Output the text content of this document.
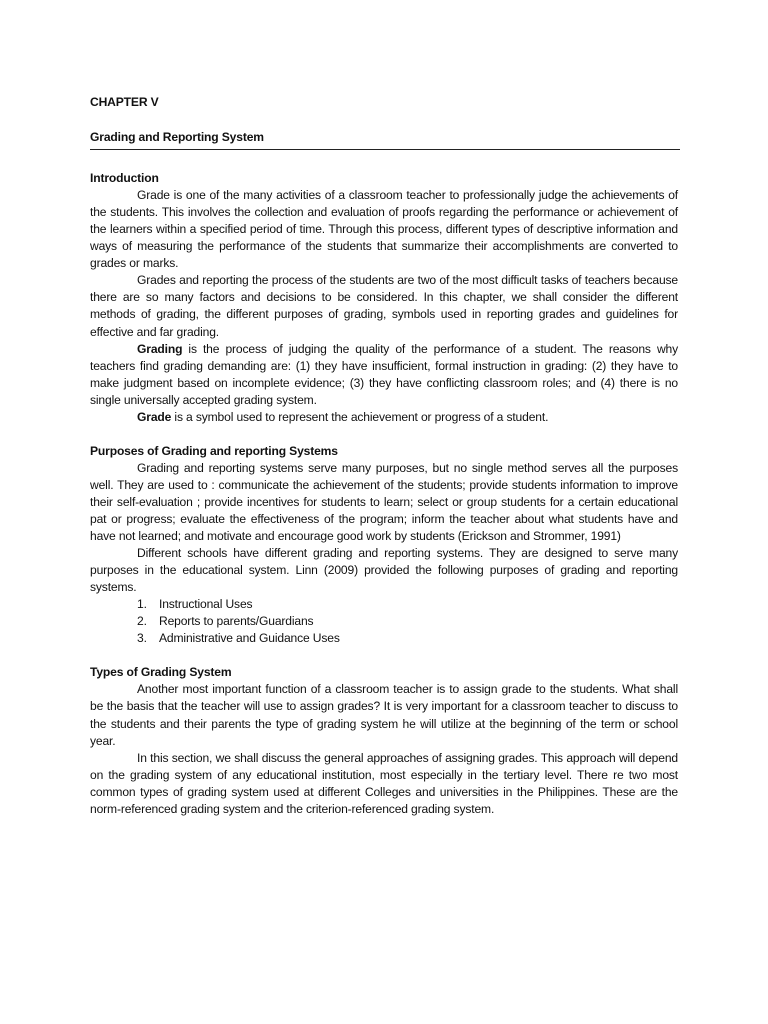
CHAPTER V
Grading and Reporting System
Introduction

Grade is one of the many activities of a classroom teacher to professionally judge the achievements of the students. This involves the collection and evaluation of proofs regarding the performance or achievement of the learners within a specified period of time. Through this process, different types of descriptive information and ways of measuring the performance of the students that summarize their accomplishments are converted to grades or marks.

Grades and reporting the process of the students are two of the most difficult tasks of teachers because there are so many factors and decisions to be considered. In this chapter, we shall consider the different methods of grading, the different purposes of grading, symbols used in reporting grades and guidelines for effective and far grading.

Grading is the process of judging the quality of the performance of a student. The reasons why teachers find grading demanding are: (1) they have insufficient, formal instruction in grading: (2) they have to make judgment based on incomplete evidence; (3) they have conflicting classroom roles; and (4) there is no single universally accepted grading system.

Grade is a symbol used to represent the achievement or progress of a student.

Purposes of Grading and reporting Systems

Grading and reporting systems serve many purposes, but no single method serves all the purposes well. They are used to : communicate the achievement of the students; provide students information to improve their self-evaluation ; provide incentives for students to learn; select or group students for a certain educational pat or progress; evaluate the effectiveness of the program; inform the teacher about what students have and have not learned; and motivate and encourage good work by students (Erickson and Strommer, 1991)

Different schools have different grading and reporting systems. They are designed to serve many purposes in the educational system. Linn (2009) provided the following purposes of grading and reporting systems.

1.	Instructional Uses
2.	Reports to parents/Guardians
3.	Administrative and Guidance Uses
Types of Grading System

Another most important function of a classroom teacher is to assign grade to the students. What shall be the basis that the teacher will use to assign grades? It is very important for a classroom teacher to discuss to the students and their parents the type of grading system he will utilize at the beginning of the term or school year.

In this section, we shall discuss the general approaches of assigning grades. This approach will depend on the grading system of any educational institution, most especially in the tertiary level. There re two most common types of grading system used at different Colleges and universities in the Philippines. These are the norm-referenced grading system and the criterion-referenced grading system.
